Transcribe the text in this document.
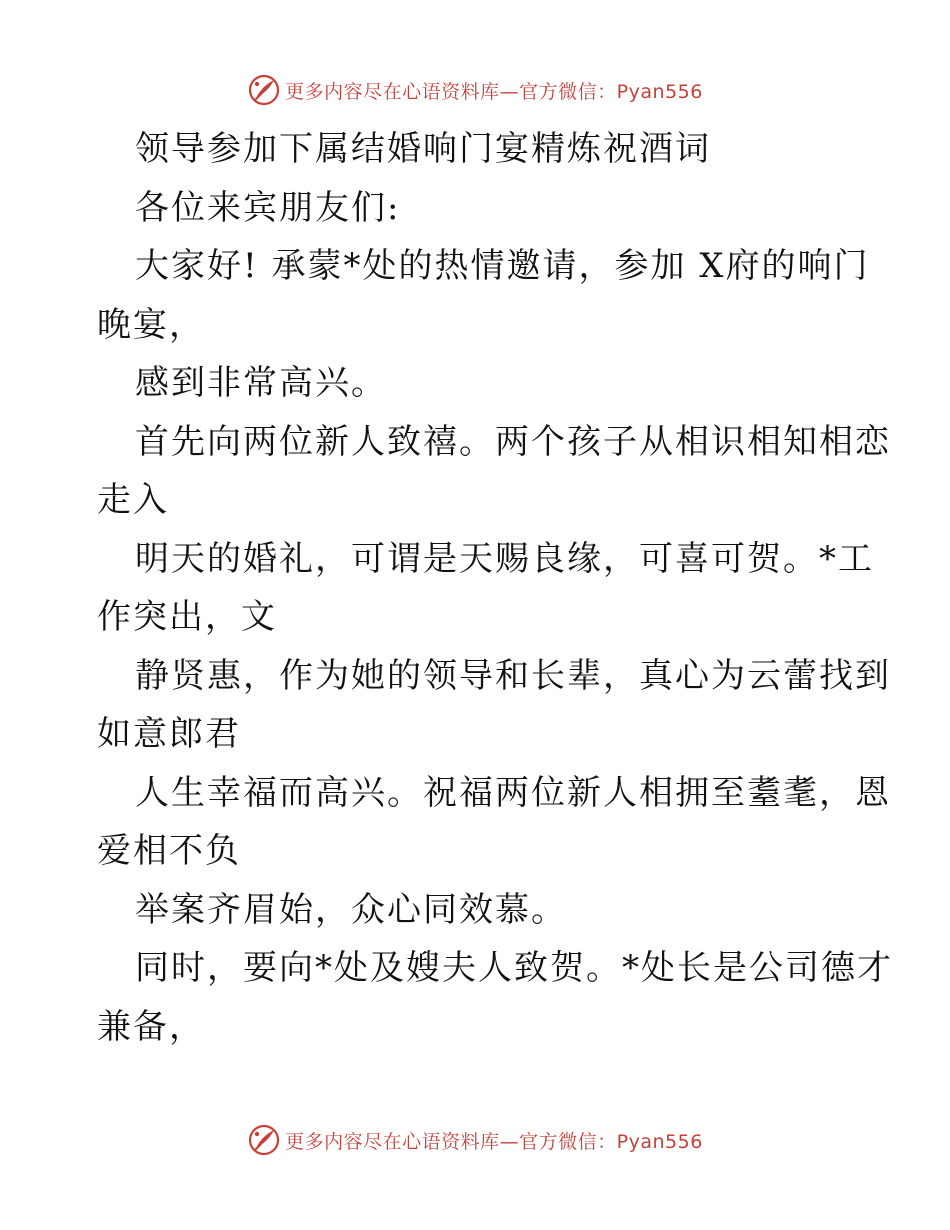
更多内容尽在心语资料库—官方微信：Pyan556
领导参加下属结婚响门宴精炼祝酒词
各位来宾朋友们:
大家好! 承蒙*处的热情邀请，参加 X府的响门
晚宴，
感到非常高兴。
首先向两位新人致禧。两个孩子从相识相知相恋
走入
明天的婚礼，可谓是天赐良缘，可喜可贺。*工
作突出，文
静贤惠，作为她的领导和长辈，真心为云蕾找到
如意郎君
人生幸福而高兴。祝福两位新人相拥至耋耄，恩
爱相不负
举案齐眉始，众心同效慕。
同时，要向*处及嫂夫人致贺。*处长是公司德才
兼备，
更多内容尽在心语资料库—官方微信：Pyan556
